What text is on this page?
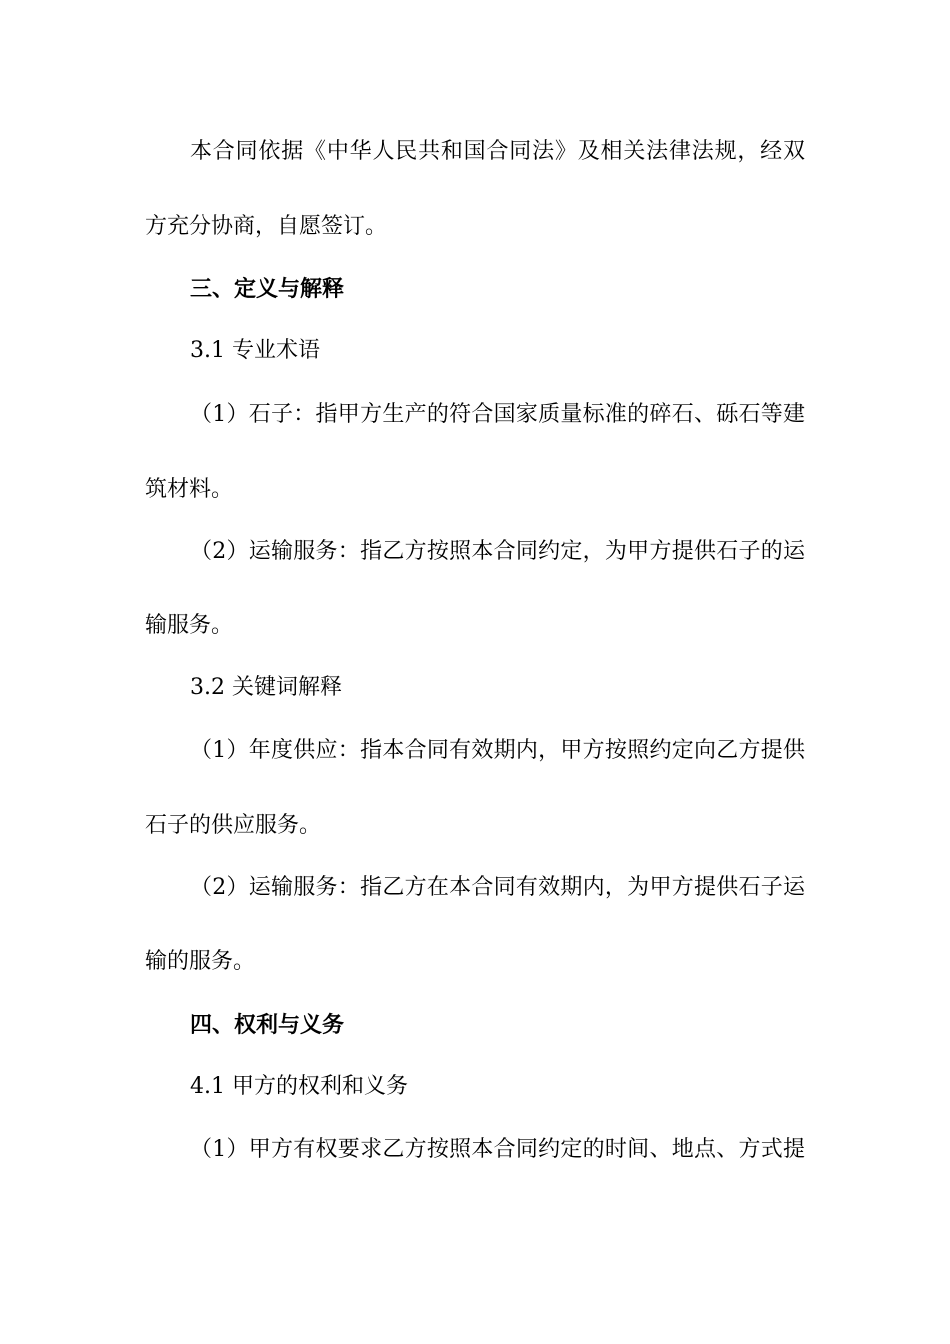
本合同依据《中华人民共和国合同法》及相关法律法规，经双
方充分协商，自愿签订。
三、定义与解释
3.1 专业术语
（1）石子：指甲方生产的符合国家质量标准的碎石、砾石等建
筑材料。
（2）运输服务：指乙方按照本合同约定，为甲方提供石子的运
输服务。
3.2 关键词解释
（1）年度供应：指本合同有效期内，甲方按照约定向乙方提供
石子的供应服务。
（2）运输服务：指乙方在本合同有效期内，为甲方提供石子运
输的服务。
四、权利与义务
4.1 甲方的权利和义务
（1）甲方有权要求乙方按照本合同约定的时间、地点、方式提
